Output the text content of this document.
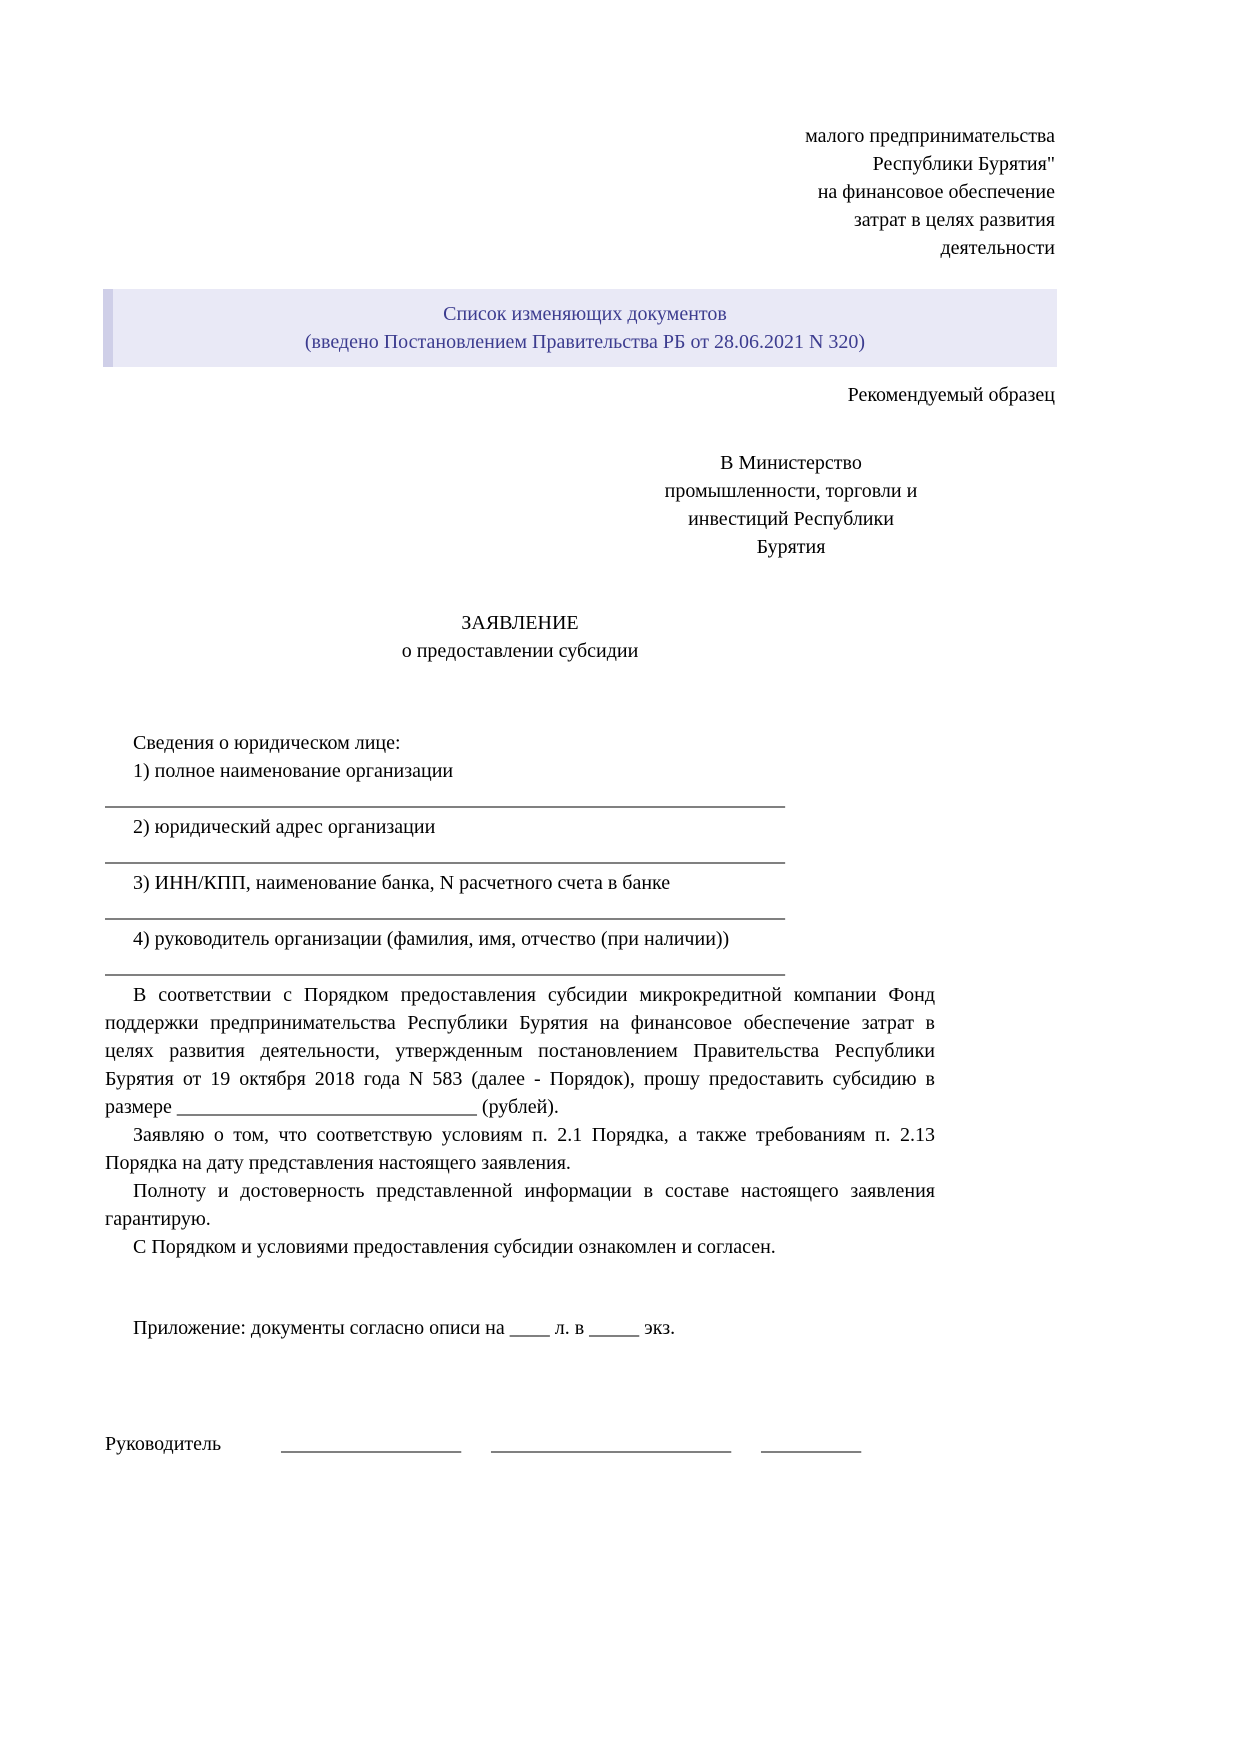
малого предпринимательства
Республики Бурятия"
на финансовое обеспечение
затрат в целях развития
деятельности
Список изменяющих документов
(введено Постановлением Правительства РБ от 28.06.2021 N 320)
Рекомендуемый образец
В Министерство
промышленности, торговли и
инвестиций Республики
Бурятия
ЗАЯВЛЕНИЕ
о предоставлении субсидии
Сведения о юридическом лице:
1) полное наименование организации
____________________________________________________________________
2) юридический адрес организации
____________________________________________________________________
3) ИНН/КПП, наименование банка, N расчетного счета в банке
____________________________________________________________________
4) руководитель организации (фамилия, имя, отчество (при наличии))
____________________________________________________________________
В соответствии с Порядком предоставления субсидии микрокредитной компании Фонд поддержки предпринимательства Республики Бурятия на финансовое обеспечение затрат в целях развития деятельности, утвержденным постановлением Правительства Республики Бурятия от 19 октября 2018 года N 583 (далее - Порядок), прошу предоставить субсидию в размере ______________________________ (рублей).
Заявляю о том, что соответствую условиям п. 2.1 Порядка, а также требованиям п. 2.13 Порядка на дату представления настоящего заявления.
Полноту и достоверность представленной информации в составе настоящего заявления гарантирую.
С Порядком и условиями предоставления субсидии ознакомлен и согласен.
Приложение: документы согласно описи на ____ л. в _____ экз.
Руководитель	__________________ ________________________ __________
